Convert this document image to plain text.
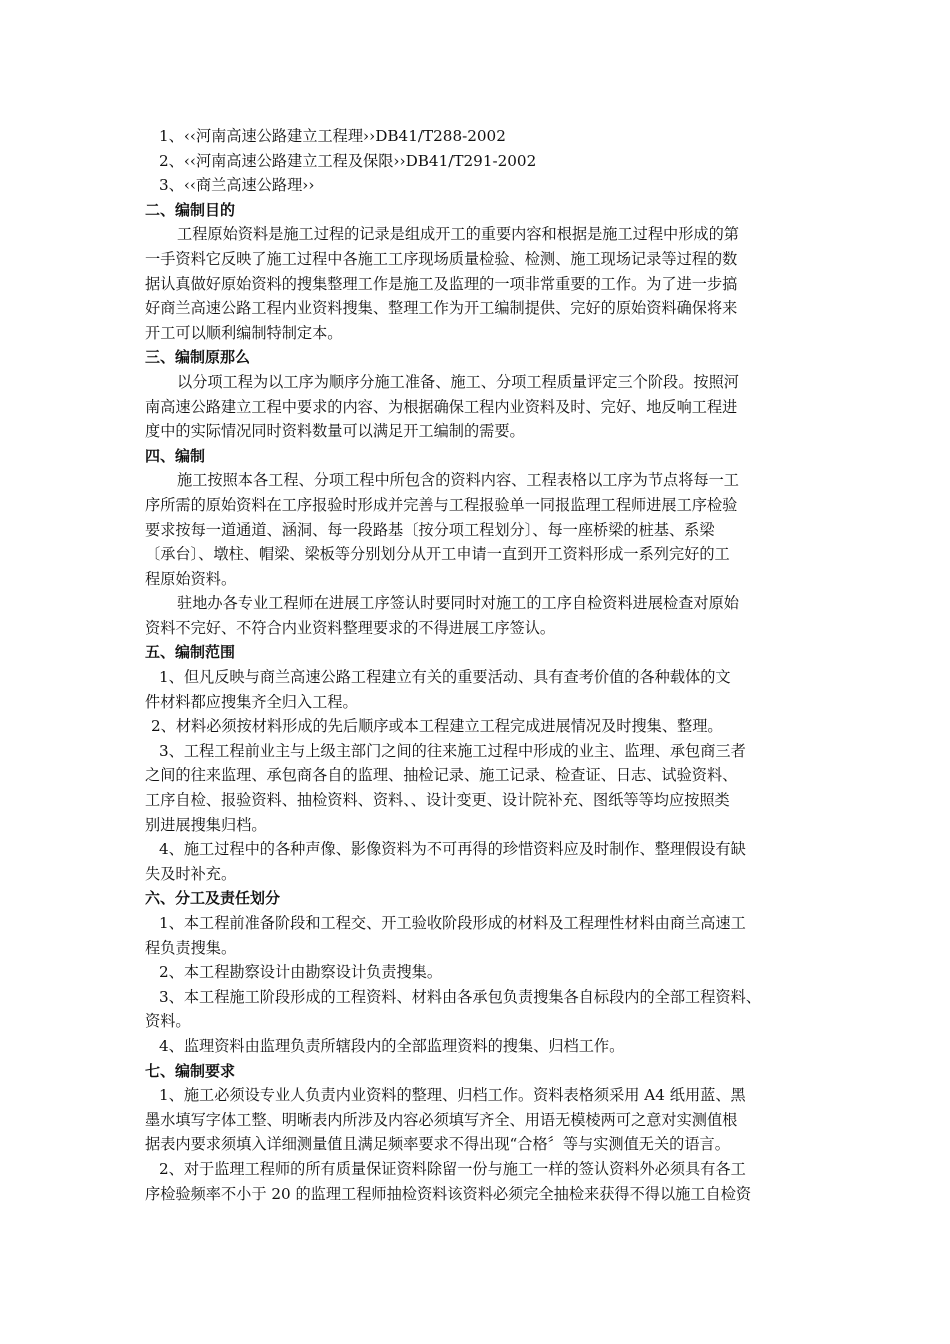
1、‹‹河南高速公路建立工程理››DB41/T288-2002
2、‹‹河南高速公路建立工程及保限››DB41/T291-2002
3、‹‹商兰高速公路理››
二、编制目的
工程原始资料是施工过程的记录是组成开工的重要内容和根据是施工过程中形成的第
一手资料它反映了施工过程中各施工工序现场质量检验、检测、施工现场记录等过程的数
据认真做好原始资料的搜集整理工作是施工及监理的一项非常重要的工作。为了进一步搞
好商兰高速公路工程内业资料搜集、整理工作为开工编制提供、完好的原始资料确保将来
开工可以顺利编制特制定本。
三、编制原那么
以分项工程为以工序为顺序分施工准备、施工、分项工程质量评定三个阶段。按照河
南高速公路建立工程中要求的内容、为根据确保工程内业资料及时、完好、地反响工程进
度中的实际情况同时资料数量可以满足开工编制的需要。
四、编制
施工按照本各工程、分项工程中所包含的资料内容、工程表格以工序为节点将每一工
序所需的原始资料在工序报验时形成并完善与工程报验单一同报监理工程师进展工序检验
要求按每一道通道、涵洞、每一段路基〔按分项工程划分〕、每一座桥梁的桩基、系梁
〔承台〕、墩柱、帽梁、梁板等分别划分从开工申请一直到开工资料形成一系列完好的工
程原始资料。
驻地办各专业工程师在进展工序签认时要同时对施工的工序自检资料进展检查对原始
资料不完好、不符合内业资料整理要求的不得进展工序签认。
五、编制范围
1、但凡反映与商兰高速公路工程建立有关的重要活动、具有查考价值的各种载体的文
件材料都应搜集齐全归入工程。
2、材料必须按材料形成的先后顺序或本工程建立工程完成进展情况及时搜集、整理。
3、工程工程前业主与上级主部门之间的往来施工过程中形成的业主、监理、承包商三者
之间的往来监理、承包商各自的监理、抽检记录、施工记录、检查证、日志、试验资料、
工序自检、报验资料、抽检资料、资料、、设计变更、设计院补充、图纸等等均应按照类
别进展搜集归档。
4、施工过程中的各种声像、影像资料为不可再得的珍惜资料应及时制作、整理假设有缺
失及时补充。
六、分工及责任划分
1、本工程前准备阶段和工程交、开工验收阶段形成的材料及工程理性材料由商兰高速工
程负责搜集。
2、本工程勘察设计由勘察设计负责搜集。
3、本工程施工阶段形成的工程资料、材料由各承包负责搜集各自标段内的全部工程资料、
资料。
4、监理资料由监理负责所辖段内的全部监理资料的搜集、归档工作。
七、编制要求
1、施工必须设专业人负责内业资料的整理、归档工作。资料表格须采用 A4 纸用蓝、黑
墨水填写字体工整、明晰表内所涉及内容必须填写齐全、用语无模棱两可之意对实测值根
据表内要求须填入详细测量值且满足频率要求不得出现“合格〞等与实测值无关的语言。
2、对于监理工程师的所有质量保证资料除留一份与施工一样的签认资料外必须具有各工
序检验频率不小于 20 的监理工程师抽检资料该资料必须完全抽检来获得不得以施工自检资
